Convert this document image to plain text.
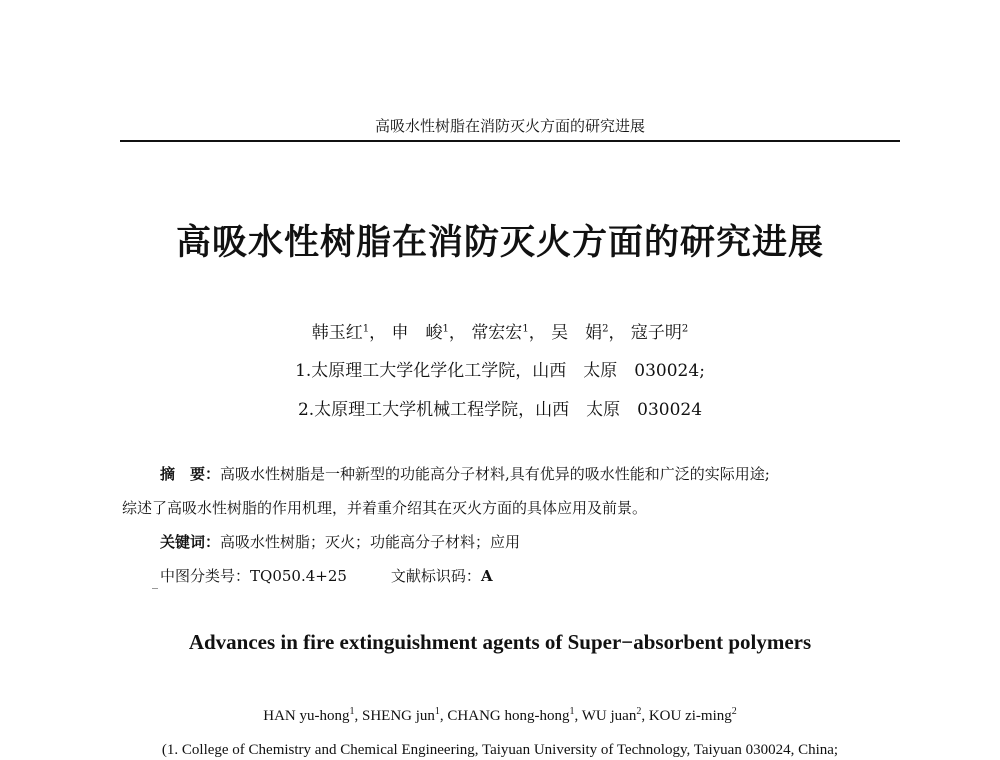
高吸水性树脂在消防灭火方面的研究进展
高吸水性树脂在消防灭火方面的研究进展
韩玉红$^1$， 申　峻$^1$， 常宏宏$^1$， 吴　娟$^2$， 寇子明$^2$
1.太原理工大学化学化工学院，山西　太原　030024;
2.太原理工大学机械工程学院，山西　太原　030024
摘　要：高吸水性树脂是一种新型的功能高分子材料,具有优异的吸水性能和广泛的实际用途;
综述了高吸水性树脂的作用机理，并着重介绍其在灭火方面的具体应用及前景。
关键词：高吸水性树脂；灭火；功能高分子材料；应用
中图分类号：TQ050.4+25	文献标识码：A
Advances in fire extinguishment agents of Super−absorbent polymers
HAN yu-hong$^1$, SHENG jun$^1$, CHANG hong-hong$^1$, WU juan$^2$, KOU zi-ming$^2$
(1. College of Chemistry and Chemical Engineering, Taiyuan University of Technology, Taiyuan 030024, China;
